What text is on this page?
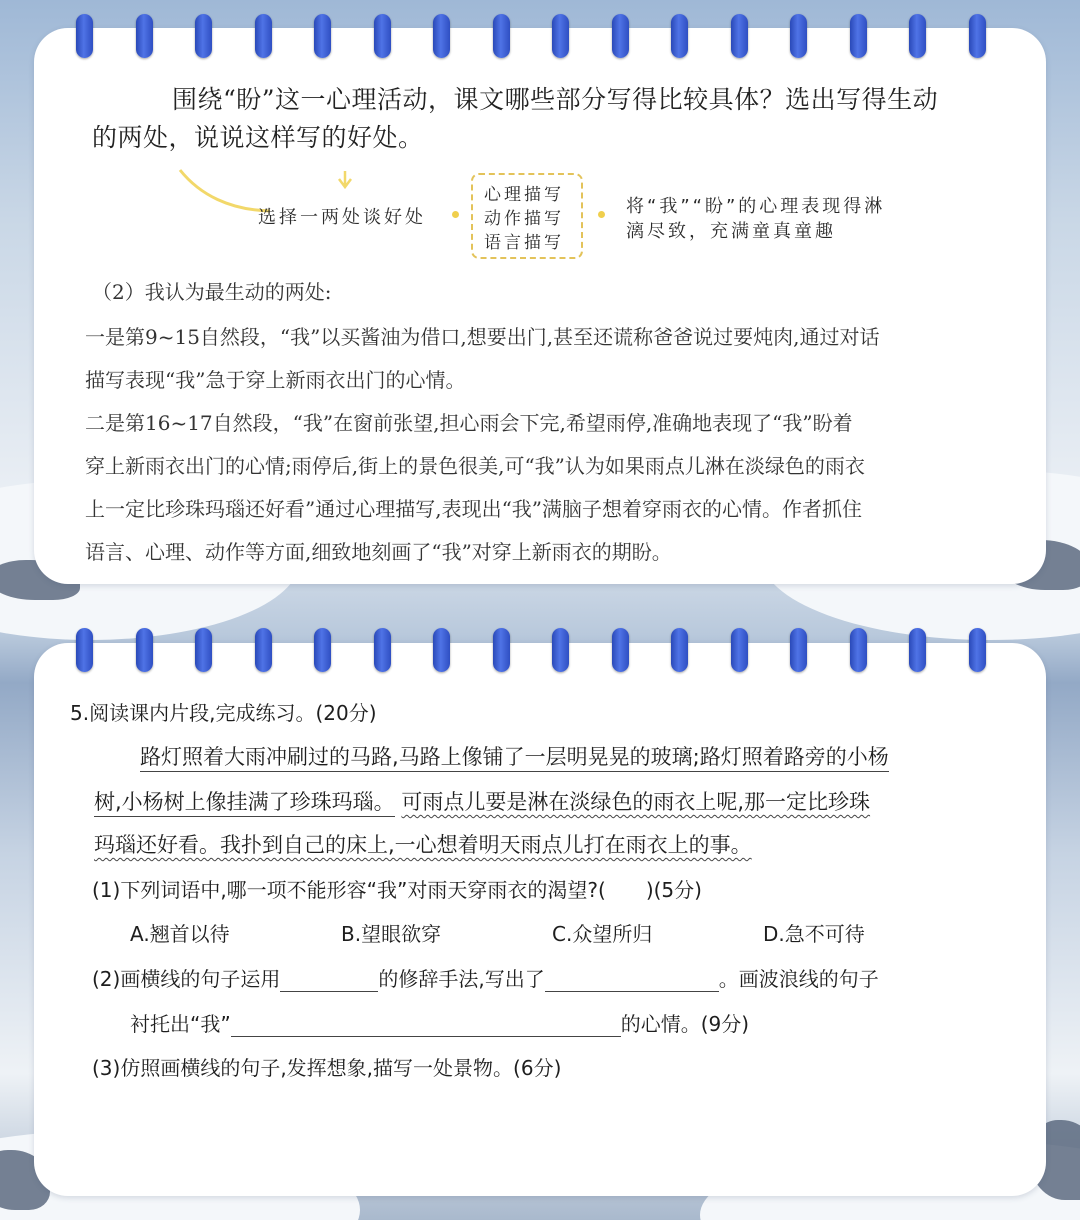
围绕“盼”这一心理活动，课文哪些部分写得比较具体？选出写得生动
的两处，说说这样写的好处。
选择一两处谈好处
心理描写
动作描写
语言描写
将“我”“盼”的心理表现得淋
漓尽致，充满童真童趣
（2）我认为最生动的两处:
一是第9~15自然段，“我”以买酱油为借口,想要出门,甚至还谎称爸爸说过要炖肉,通过对话
描写表现“我”急于穿上新雨衣出门的心情。
二是第16~17自然段，“我”在窗前张望,担心雨会下完,希望雨停,准确地表现了“我”盼着
穿上新雨衣出门的心情;雨停后,街上的景色很美,可“我”认为如果雨点儿淋在淡绿色的雨衣
上一定比珍珠玛瑙还好看”通过心理描写,表现出“我”满脑子想着穿雨衣的心情。作者抓住
语言、心理、动作等方面,细致地刻画了“我”对穿上新雨衣的期盼。
5.阅读课内片段,完成练习。(20分)
路灯照着大雨冲刷过的马路,马路上像铺了一层明晃晃的玻璃;路灯照着路旁的小杨
树,小杨树上像挂满了珍珠玛瑙。 可雨点儿要是淋在淡绿色的雨衣上呢,那一定比珍珠
玛瑙还好看。我扑到自己的床上,一心想着明天雨点儿打在雨衣上的事。
(1)下列词语中,哪一项不能形容“我”对雨天穿雨衣的渴望?(　　)(5分)
A.翘首以待	B.望眼欲穿	C.众望所归	D.急不可待
(2)画横线的句子运用	的修辞手法,写出了	。画波浪线的句子
衬托出“我”	的心情。(9分)
(3)仿照画横线的句子,发挥想象,描写一处景物。(6分)
